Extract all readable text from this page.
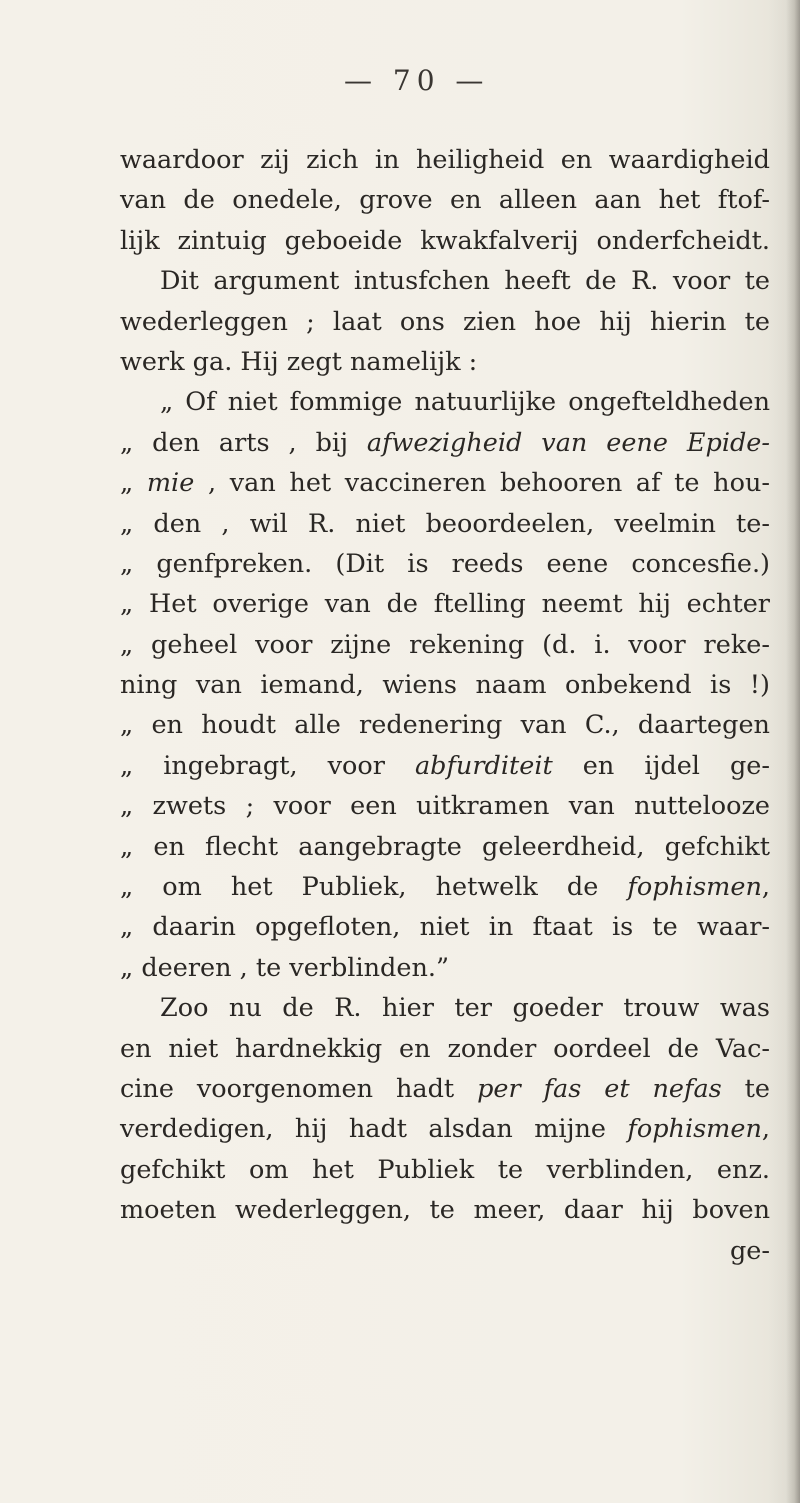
— 70 —
waardoor zij zich in heiligheid en waardigheid
van de onedele, grove en alleen aan het ftof-
lijk zintuig geboeide kwakfalverij onderfcheidt.
Dit argument intusfchen heeft de R. voor te
wederleggen ; laat ons zien hoe hij hierin te
werk ga. Hij zegt namelijk :
„ Of niet fommige natuurlijke ongefteldheden
„ den arts , bij afwezigheid van eene Epide-
„ mie , van het vaccineren behooren af te hou-
„ den , wil R. niet beoordeelen, veelmin te-
„ genfpreken. (Dit is reeds eene concesfie.)
„ Het overige van de ftelling neemt hij echter
„ geheel voor zijne rekening (d. i. voor reke-
ning van iemand, wiens naam onbekend is !)
„ en houdt alle redenering van C., daartegen
„ ingebragt, voor abfurditeit en ijdel ge-
„ zwets ; voor een uitkramen van nutteloozе
„ en flecht aangebragte geleerdheid, gefchikt
„ om het Publiek, hetwelk de fophismen,
„ daarin opgefloten, niet in ftaat is te waar-
„ deeren , te verblinden.”
Zoo nu de R. hier ter goeder trouw was
en niet hardnekkig en zonder oordeel de Vac-
cine voorgenomen hadt per fas et nefas te
verdedigen, hij hadt alsdan mijne fophismen,
gefchikt om het Publiek te verblinden, enz.
moeten wederleggen, te meer, daar hij boven
ge-
